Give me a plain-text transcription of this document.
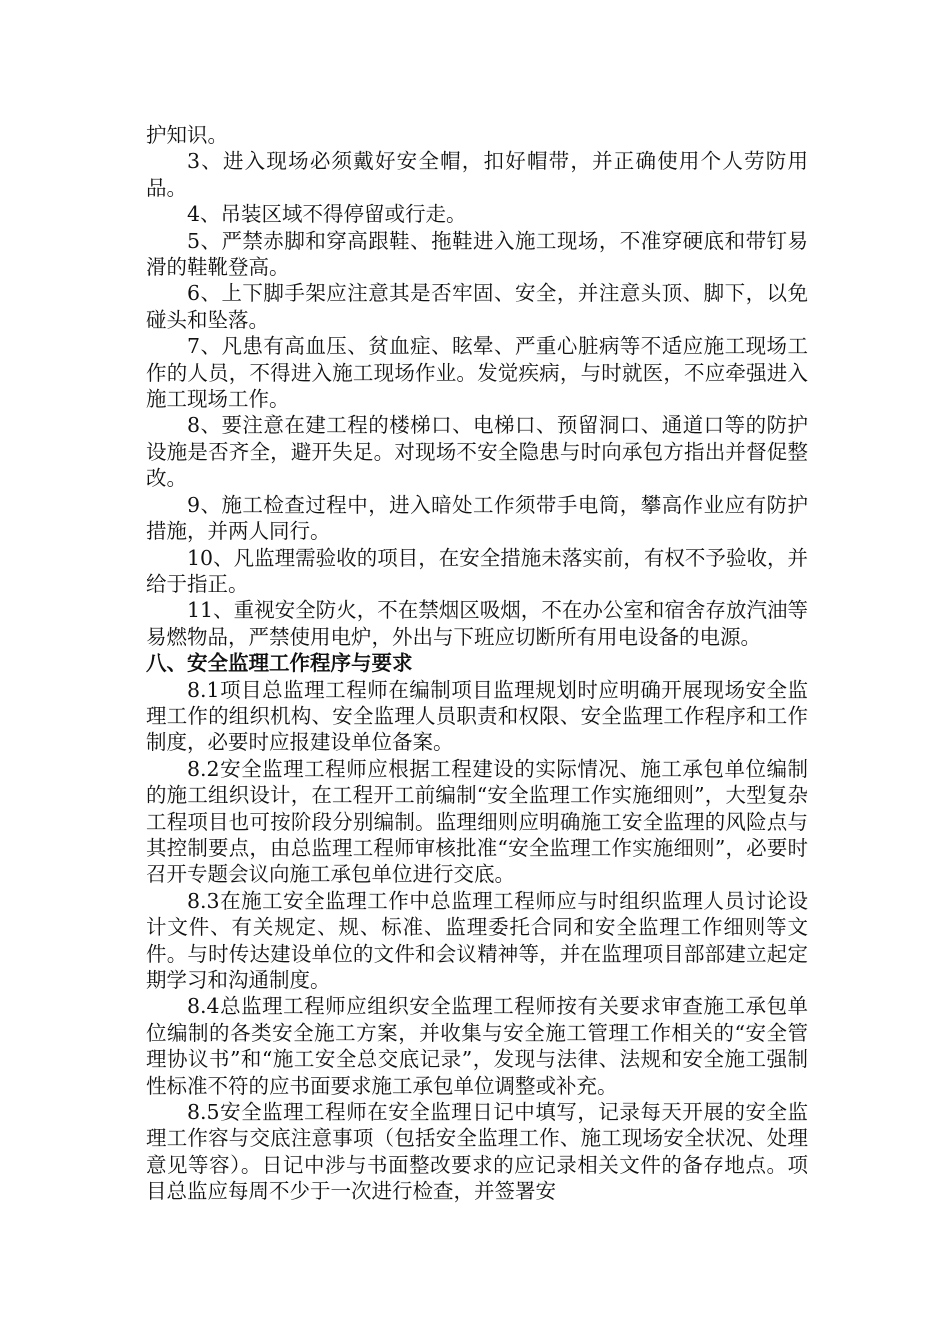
护知识。

3、进入现场必须戴好安全帽，扣好帽带，并正确使用个人劳防用品。

4、吊装区域不得停留或行走。

5、严禁赤脚和穿高跟鞋、拖鞋进入施工现场，不准穿硬底和带钉易滑的鞋靴登高。

6、上下脚手架应注意其是否牢固、安全，并注意头顶、脚下，以免碰头和坠落。

7、凡患有高血压、贫血症、眩晕、严重心脏病等不适应施工现场工作的人员，不得进入施工现场作业。发觉疾病，与时就医，不应牵强进入施工现场工作。

8、要注意在建工程的楼梯口、电梯口、预留洞口、通道口等的防护设施是否齐全，避开失足。对现场不安全隐患与时向承包方指出并督促整改。

9、施工检查过程中，进入暗处工作须带手电筒，攀高作业应有防护措施，并两人同行。

10、凡监理需验收的项目，在安全措施未落实前，有权不予验收，并给于指正。

11、重视安全防火，不在禁烟区吸烟，不在办公室和宿舍存放汽油等易燃物品，严禁使用电炉，外出与下班应切断所有用电设备的电源。

八、安全监理工作程序与要求

8.1项目总监理工程师在编制项目监理规划时应明确开展现场安全监理工作的组织机构、安全监理人员职责和权限、安全监理工作程序和工作制度，必要时应报建设单位备案。

8.2安全监理工程师应根据工程建设的实际情况、施工承包单位编制的施工组织设计，在工程开工前编制“安全监理工作实施细则”，大型复杂工程项目也可按阶段分别编制。监理细则应明确施工安全监理的风险点与其控制要点，由总监理工程师审核批准“安全监理工作实施细则”，必要时召开专题会议向施工承包单位进行交底。

8.3在施工安全监理工作中总监理工程师应与时组织监理人员讨论设计文件、有关规定、规、标准、监理委托合同和安全监理工作细则等文件。与时传达建设单位的文件和会议精神等，并在监理项目部部建立起定期学习和沟通制度。

8.4总监理工程师应组织安全监理工程师按有关要求审查施工承包单位编制的各类安全施工方案，并收集与安全施工管理工作相关的“安全管理协议书”和“施工安全总交底记录”，发现与法律、法规和安全施工强制性标准不符的应书面要求施工承包单位调整或补充。

8.5安全监理工程师在安全监理日记中填写，记录每天开展的安全监理工作容与交底注意事项（包括安全监理工作、施工现场安全状况、处理意见等容）。日记中涉与书面整改要求的应记录相关文件的备存地点。项目总监应每周不少于一次进行检查，并签署安
